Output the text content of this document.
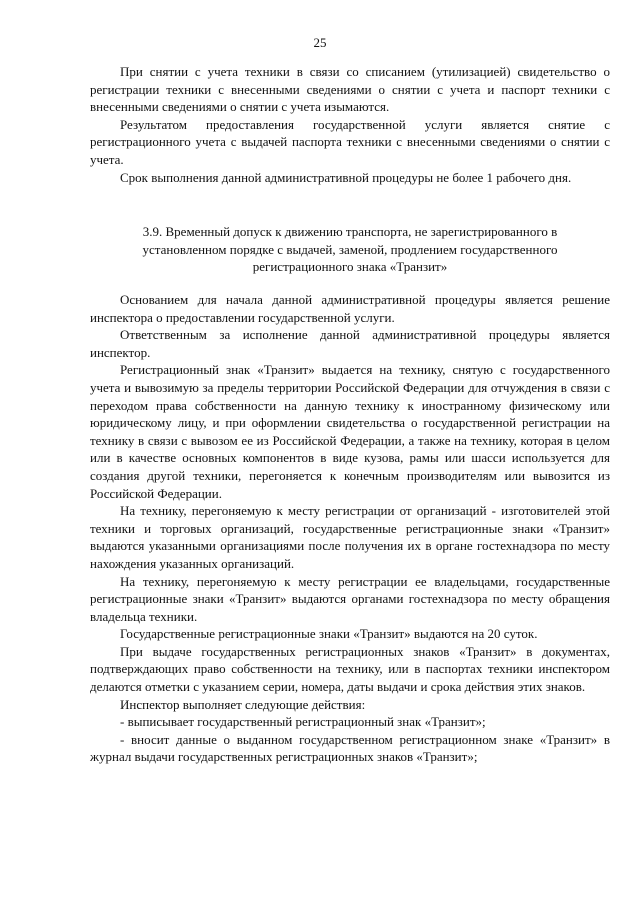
25

При снятии с учета техники в связи со списанием (утилизацией) свидетельство о регистрации техники с внесенными сведениями о снятии с учета и паспорт техники с внесенными сведениями о снятии с учета изымаются.

Результатом предоставления государственной услуги является снятие с регистрационного учета с выдачей паспорта техники с внесенными сведениями о снятии с учета.

Срок выполнения данной административной процедуры не более 1 рабочего дня.

3.9. Временный допуск к движению транспорта, не зарегистрированного в установленном порядке с выдачей, заменой, продлением государственного регистрационного знака «Транзит»

Основанием для начала данной административной процедуры является решение инспектора о предоставлении государственной услуги.

Ответственным за исполнение данной административной процедуры является инспектор.

Регистрационный знак «Транзит» выдается на технику, снятую с государственного учета и вывозимую за пределы территории Российской Федерации для отчуждения в связи с переходом права собственности на данную технику к иностранному физическому или юридическому лицу, и при оформлении свидетельства о государственной регистрации на технику в связи с вывозом ее из Российской Федерации, а также на технику, которая в целом или в качестве основных компонентов в виде кузова, рамы или шасси используется для создания другой техники, перегоняется к конечным производителям или вывозится из Российской Федерации.

На технику, перегоняемую к месту регистрации от организаций - изготовителей этой техники и торговых организаций, государственные регистрационные знаки «Транзит» выдаются указанными организациями после получения их в органе гостехнадзора по месту нахождения указанных организаций.

На технику, перегоняемую к месту регистрации ее владельцами, государственные регистрационные знаки «Транзит» выдаются органами гостехнадзора по месту обращения владельца техники.

Государственные регистрационные знаки «Транзит» выдаются на 20 суток.

При выдаче государственных регистрационных знаков «Транзит» в документах, подтверждающих право собственности на технику, или в паспортах техники инспектором делаются отметки с указанием серии, номера, даты выдачи и срока действия этих знаков.

Инспектор выполняет следующие действия:

- выписывает государственный регистрационный знак «Транзит»;

- вносит данные о выданном государственном регистрационном знаке «Транзит» в журнал выдачи государственных регистрационных знаков «Транзит»;
